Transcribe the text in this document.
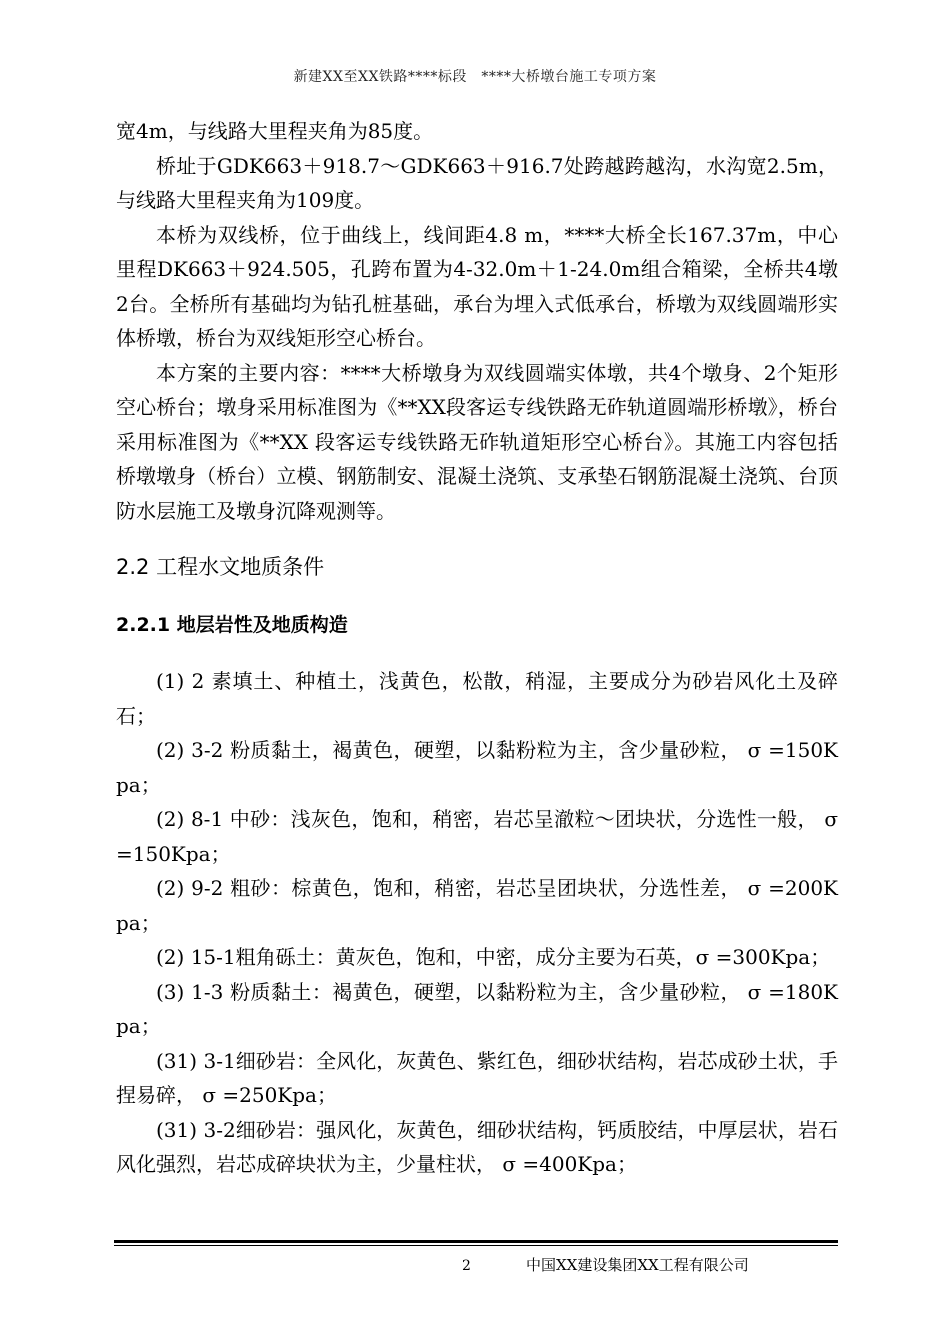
新建XX至XX铁路****标段　****大桥墩台施工专项方案

宽4m，与线路大里程夹角为85度。

桥址于GDK663＋918.7～GDK663＋916.7处跨越跨越沟，水沟宽2.5m，与线路大里程夹角为109度。

本桥为双线桥，位于曲线上，线间距4.8 m，****大桥全长167.37m，中心里程DK663＋924.505，孔跨布置为4-32.0m＋1-24.0m组合箱梁，全桥共4墩2台。全桥所有基础均为钻孔桩基础，承台为埋入式低承台，桥墩为双线圆端形实体桥墩，桥台为双线矩形空心桥台。

本方案的主要内容：****大桥墩身为双线圆端实体墩，共4个墩身、2个矩形空心桥台；墩身采用标准图为《**XX段客运专线铁路无砟轨道圆端形桥墩》，桥台采用标准图为《**XX 段客运专线铁路无砟轨道矩形空心桥台》。其施工内容包括桥墩墩身（桥台）立模、钢筋制安、混凝土浇筑、支承垫石钢筋混凝土浇筑、台顶防水层施工及墩身沉降观测等。

2.2 工程水文地质条件
2.2.1 地层岩性及地质构造

(1) 2 素填土、种植土，浅黄色，松散，稍湿，主要成分为砂岩风化土及碎石；

(2) 3-2 粉质黏土，褐黄色，硬塑，以黏粉粒为主，含少量砂粒， σ =150Kpa；

(2) 8-1 中砂：浅灰色，饱和，稍密，岩芯呈澈粒～团块状，分选性一般， σ =150Kpa；

(2) 9-2 粗砂：棕黄色，饱和，稍密，岩芯呈团块状，分选性差， σ =200Kpa；

(2) 15-1粗角砾土：黄灰色，饱和，中密，成分主要为石英，σ =300Kpa；

(3) 1-3 粉质黏土：褐黄色，硬塑，以黏粉粒为主，含少量砂粒， σ =180Kpa；

(31) 3-1细砂岩：全风化，灰黄色、紫红色，细砂状结构，岩芯成砂土状，手捏易碎， σ =250Kpa；

(31) 3-2细砂岩：强风化，灰黄色，细砂状结构，钙质胶结，中厚层状，岩石风化强烈，岩芯成碎块状为主，少量柱状， σ =400Kpa；

2	中国XX建设集团XX工程有限公司
